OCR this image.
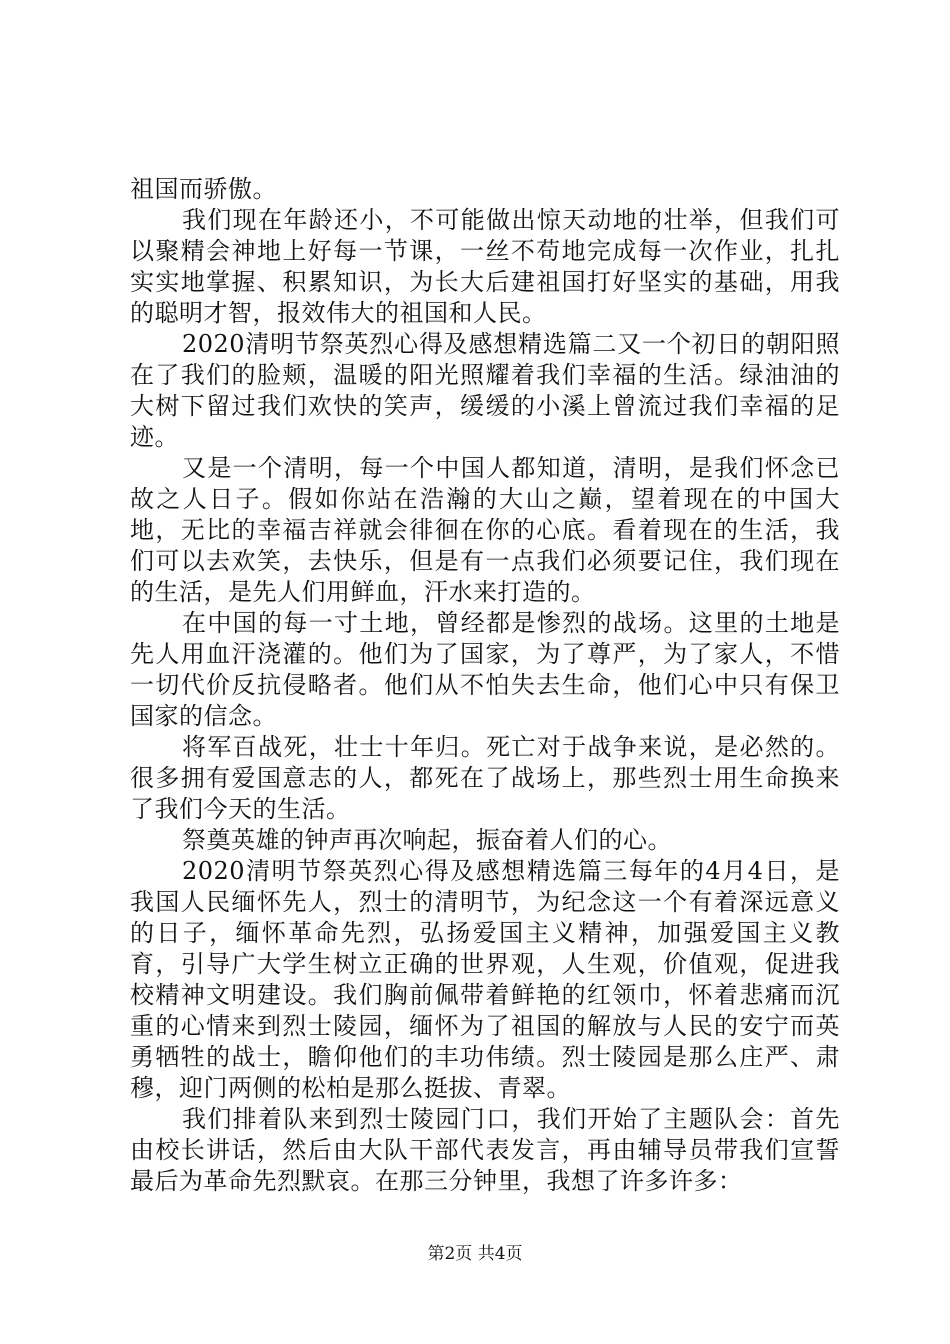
祖国而骄傲。

我们现在年龄还小，不可能做出惊天动地的壮举，但我们可以聚精会神地上好每一节课，一丝不苟地完成每一次作业，扎扎实实地掌握、积累知识，为长大后建祖国打好坚实的基础，用我的聪明才智，报效伟大的祖国和人民。

2020清明节祭英烈心得及感想精选篇二又一个初日的朝阳照在了我们的脸颊，温暖的阳光照耀着我们幸福的生活。绿油油的大树下留过我们欢快的笑声，缓缓的小溪上曾流过我们幸福的足迹。

又是一个清明，每一个中国人都知道，清明，是我们怀念已故之人日子。假如你站在浩瀚的大山之巅，望着现在的中国大地，无比的幸福吉祥就会徘徊在你的心底。看着现在的生活，我们可以去欢笑，去快乐，但是有一点我们必须要记住，我们现在的生活，是先人们用鲜血，汗水来打造的。

在中国的每一寸土地，曾经都是惨烈的战场。这里的土地是先人用血汗浇灌的。他们为了国家，为了尊严，为了家人，不惜一切代价反抗侵略者。他们从不怕失去生命，他们心中只有保卫国家的信念。

将军百战死，壮士十年归。死亡对于战争来说，是必然的。很多拥有爱国意志的人，都死在了战场上，那些烈士用生命换来了我们今天的生活。

祭奠英雄的钟声再次响起，振奋着人们的心。

2020清明节祭英烈心得及感想精选篇三每年的4月4日，是我国人民缅怀先人，烈士的清明节，为纪念这一个有着深远意义的日子，缅怀革命先烈，弘扬爱国主义精神，加强爱国主义教育，引导广大学生树立正确的世界观，人生观，价值观，促进我校精神文明建设。我们胸前佩带着鲜艳的红领巾，怀着悲痛而沉重的心情来到烈士陵园，缅怀为了祖国的解放与人民的安宁而英勇牺牲的战士，瞻仰他们的丰功伟绩。烈士陵园是那么庄严、肃穆，迎门两侧的松柏是那么挺拔、青翠。

我们排着队来到烈士陵园门口，我们开始了主题队会：首先由校长讲话，然后由大队干部代表发言，再由辅导员带我们宣誓最后为革命先烈默哀。在那三分钟里，我想了许多许多：

第2页 共4页
